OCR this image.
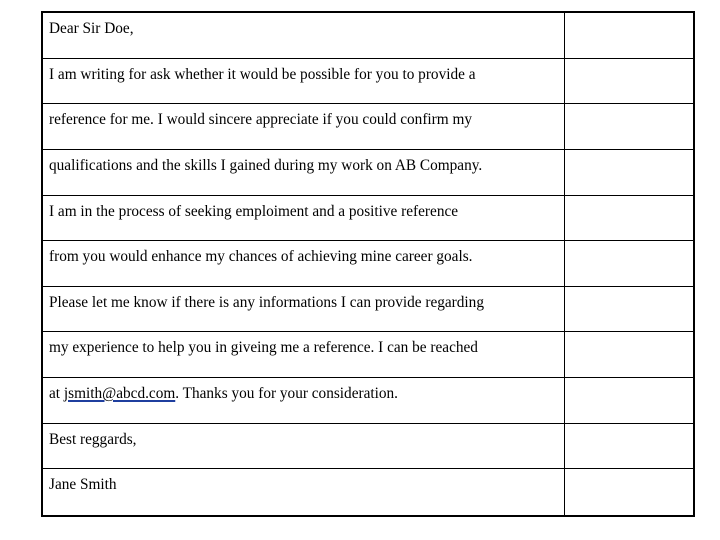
Dear Sir Doe,
I am writing for ask whether it would be possible for you to provide a
reference for me. I would sincere appreciate if you could confirm my
qualifications and the skills I gained during my work on AB Company.
I am in the process of seeking emploiment and a positive reference
from you would enhance my chances of achieving mine career goals.
Please let me know if there is any informations I can provide regarding
my experience to help you in giveing me a reference. I can be reached
at jsmith@abcd.com . Thanks you for your consideration.
Best reggards,
Jane Smith
